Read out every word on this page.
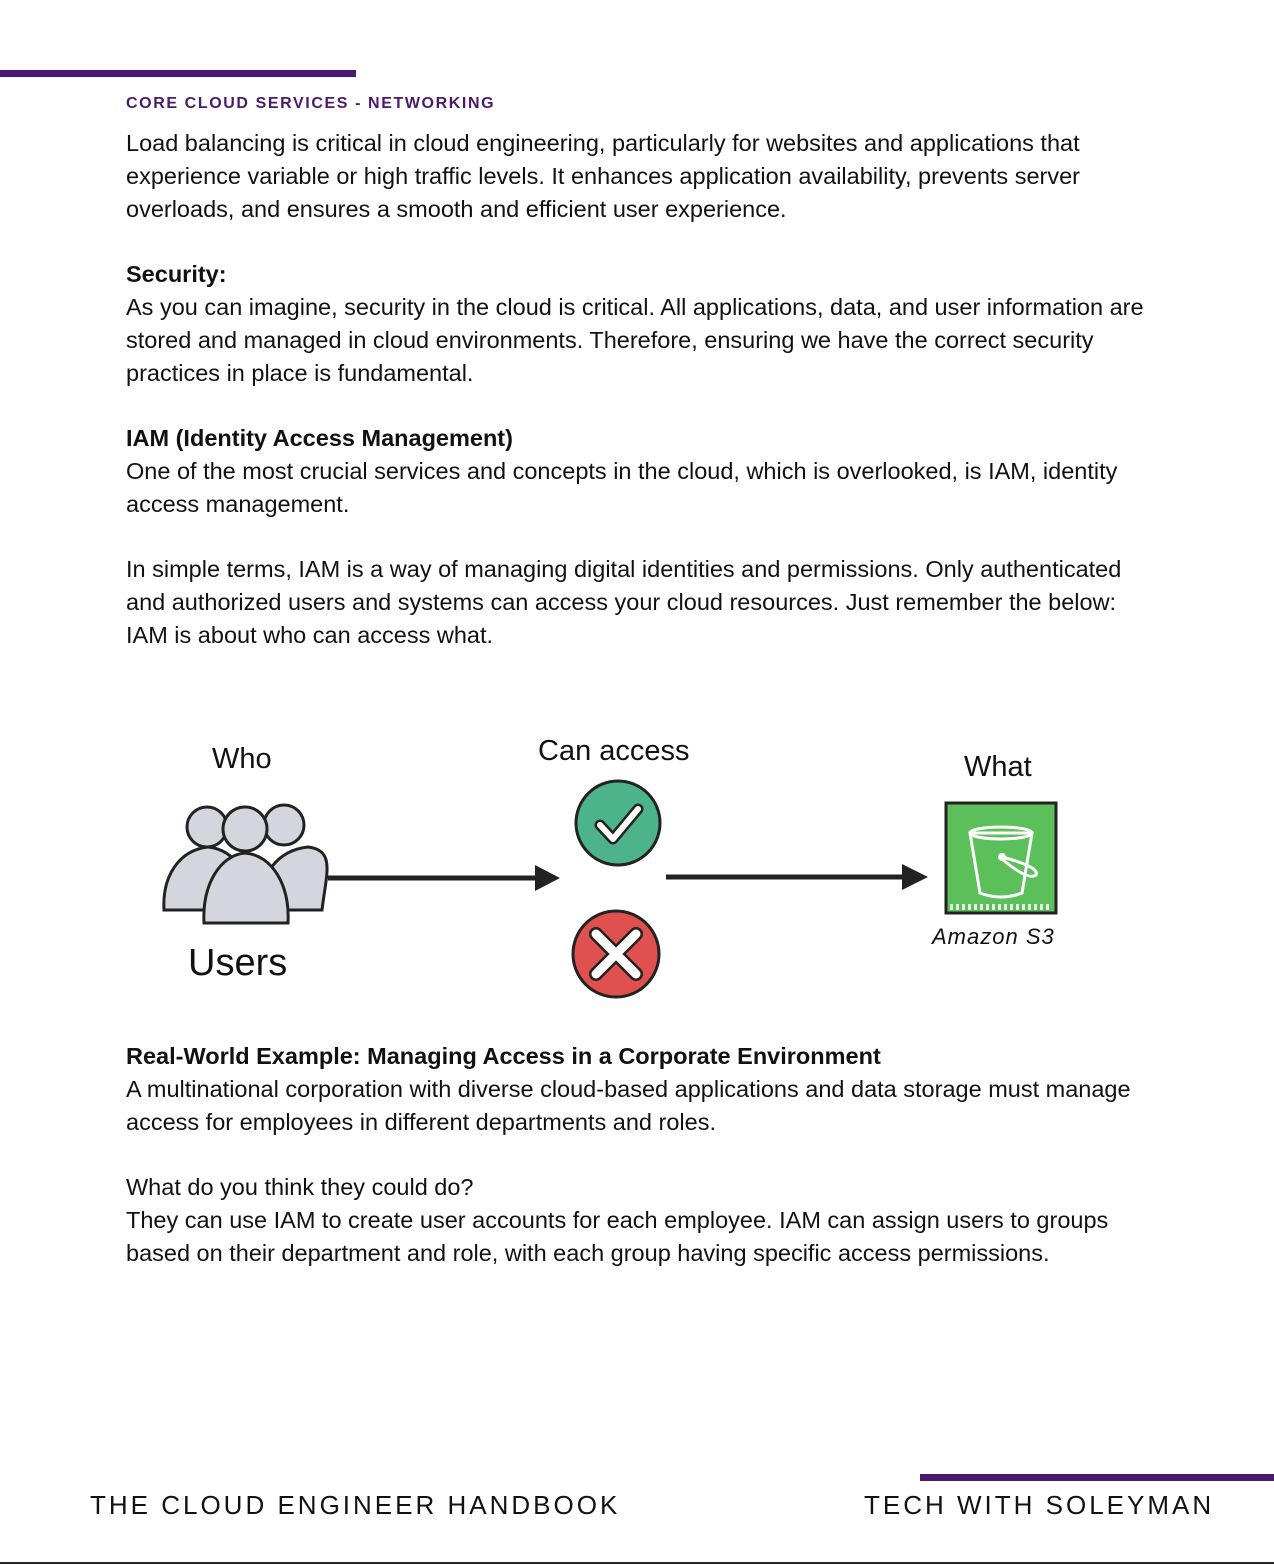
CORE CLOUD SERVICES - NETWORKING

Load balancing is critical in cloud engineering, particularly for websites and applications that experience variable or high traffic levels. It enhances application availability, prevents server overloads, and ensures a smooth and efficient user experience.

Security:

As you can imagine, security in the cloud is critical. All applications, data, and user information are stored and managed in cloud environments. Therefore, ensuring we have the correct security practices in place is fundamental.

IAM (Identity Access Management)

One of the most crucial services and concepts in the cloud, which is overlooked, is IAM, identity access management.

In simple terms, IAM is a way of managing digital identities and permissions. Only authenticated and authorized users and systems can access your cloud resources. Just remember the below: IAM is about who can access what.

Who
Users
Can access	What
Amazon S3

Real-World Example: Managing Access in a Corporate Environment

A multinational corporation with diverse cloud-based applications and data storage must manage access for employees in different departments and roles.

What do you think they could do?

They can use IAM to create user accounts for each employee. IAM can assign users to groups based on their department and role, with each group having specific access permissions.

THE CLOUD ENGINEER HANDBOOK	TECH WITH SOLEYMAN
